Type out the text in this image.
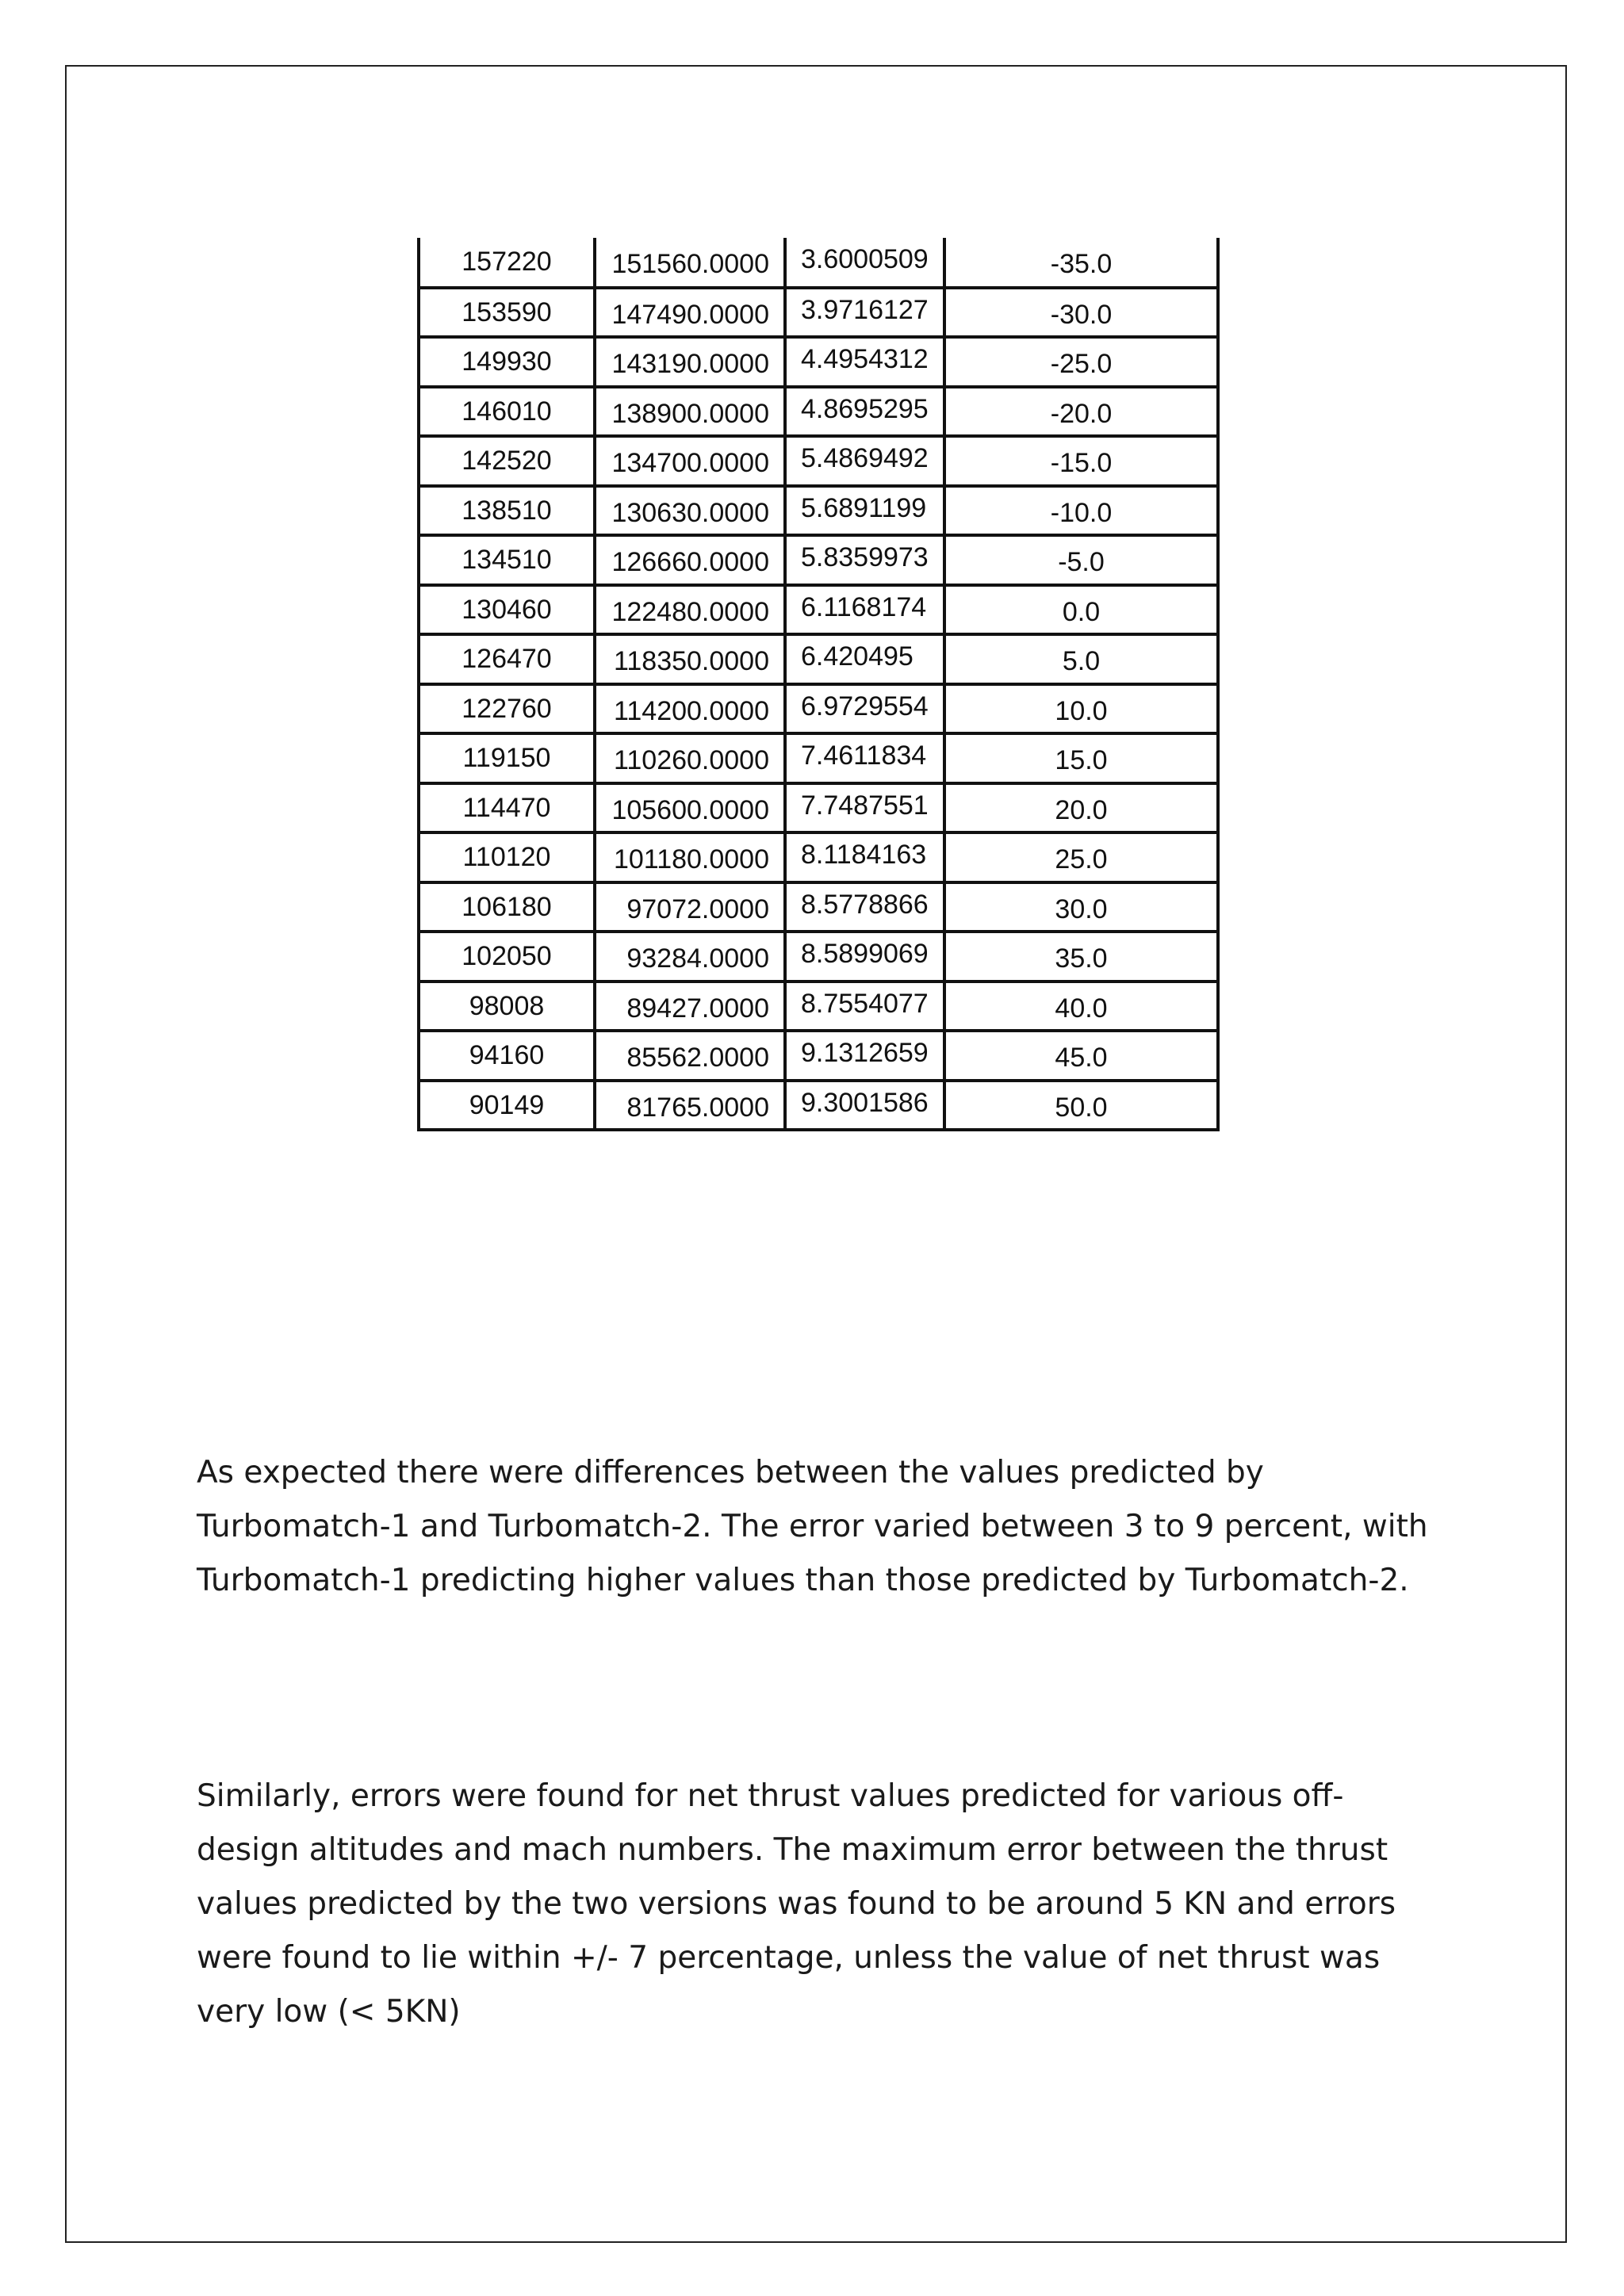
157220	151560.0000	3.6000509	-35.0
153590	147490.0000	3.9716127	-30.0
149930	143190.0000	4.4954312	-25.0
146010	138900.0000	4.8695295	-20.0
142520	134700.0000	5.4869492	-15.0
138510	130630.0000	5.6891199	-10.0
134510	126660.0000	5.8359973	-5.0
130460	122480.0000	6.1168174	0.0
126470	118350.0000	6.420495	5.0
122760	114200.0000	6.9729554	10.0
119150	110260.0000	7.4611834	15.0
114470	105600.0000	7.7487551	20.0
110120	101180.0000	8.1184163	25.0
106180	97072.0000	8.5778866	30.0
102050	93284.0000	8.5899069	35.0
98008	89427.0000	8.7554077	40.0
94160	85562.0000	9.1312659	45.0
90149	81765.0000	9.3001586	50.0

As expected there were differences between the values predicted by Turbomatch-1 and Turbomatch-2. The error varied between 3 to 9 percent, with Turbomatch-1 predicting higher values than those predicted by Turbomatch-2.

Similarly, errors were found for net thrust values predicted for various off-design altitudes and mach numbers. The maximum error between the thrust values predicted by the two versions was found to be around 5 KN and errors were found to lie within +/- 7 percentage, unless the value of net thrust was very low (< 5KN)
